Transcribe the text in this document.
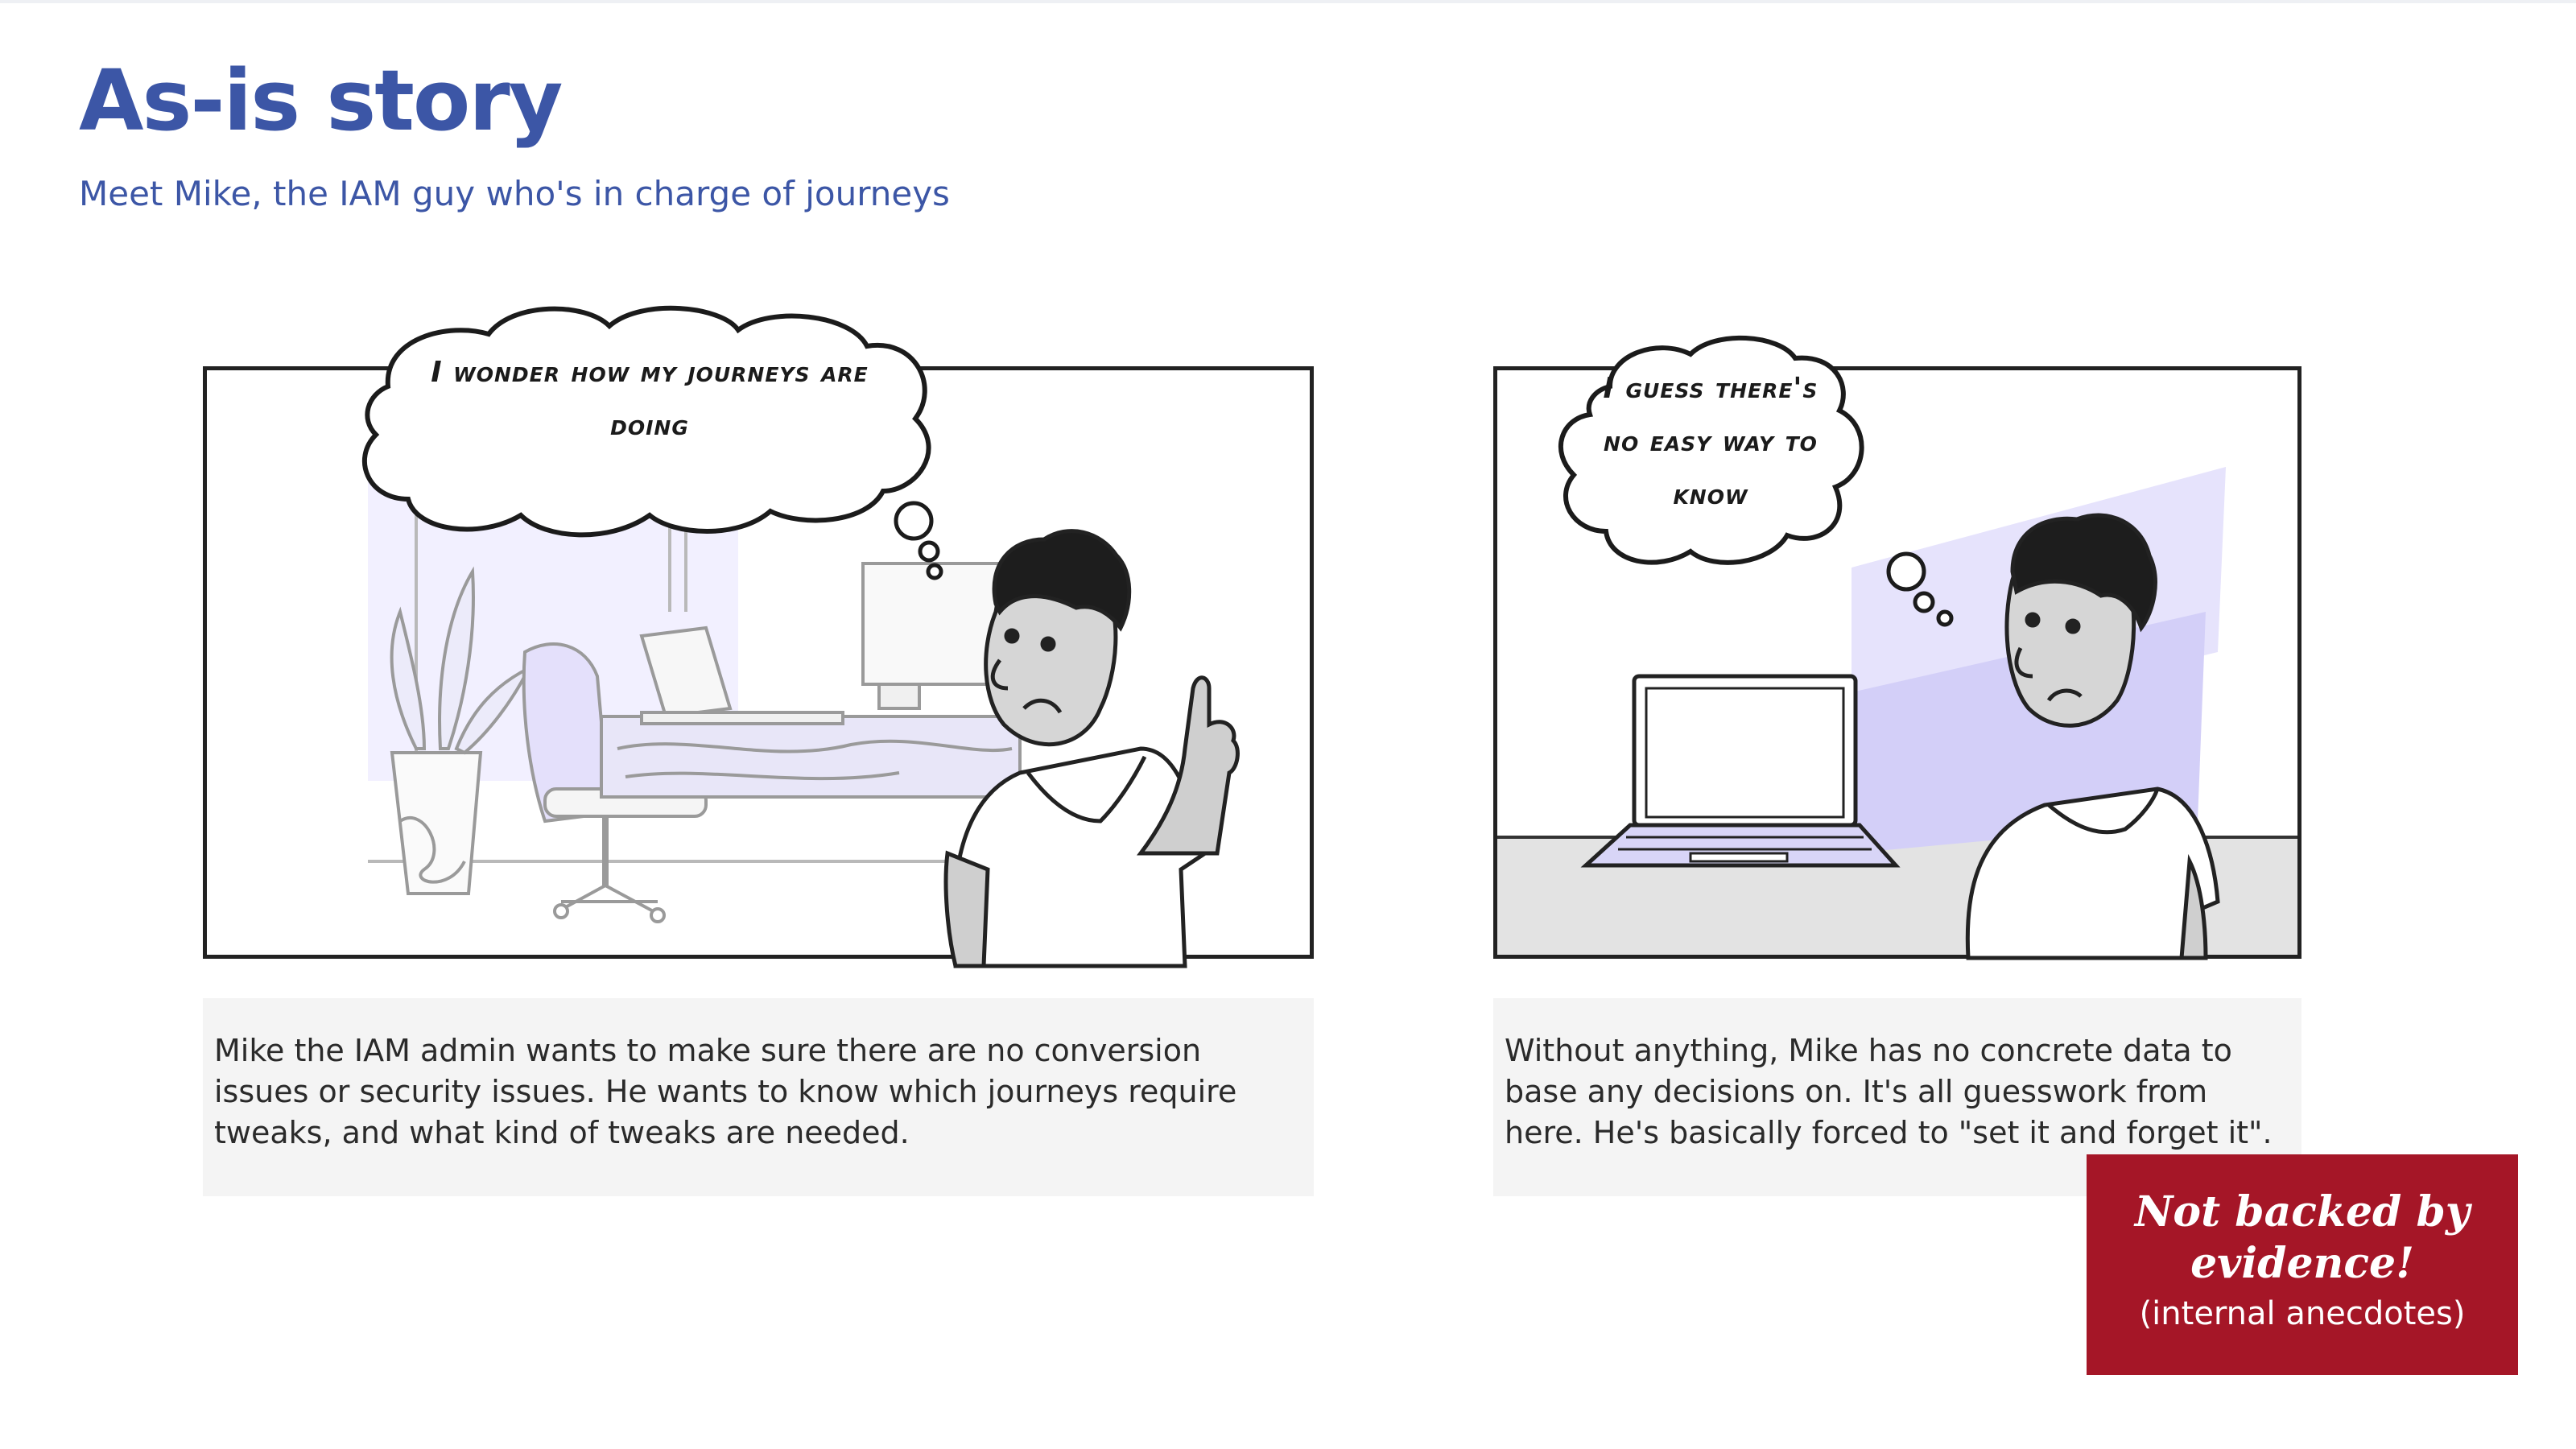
As-is story
Meet Mike, the IAM guy who's in charge of journeys
I wonder how my journeys are doing
I guess there's no easy way to know
Mike the IAM admin wants to make sure there are no conversion issues or security issues. He wants to know which journeys require tweaks, and what kind of tweaks are needed.
Without anything, Mike has no concrete data to base any decisions on. It's all guesswork from here. He's basically forced to "set it and forget it".
Not backed by evidence!
(internal anecdotes)
